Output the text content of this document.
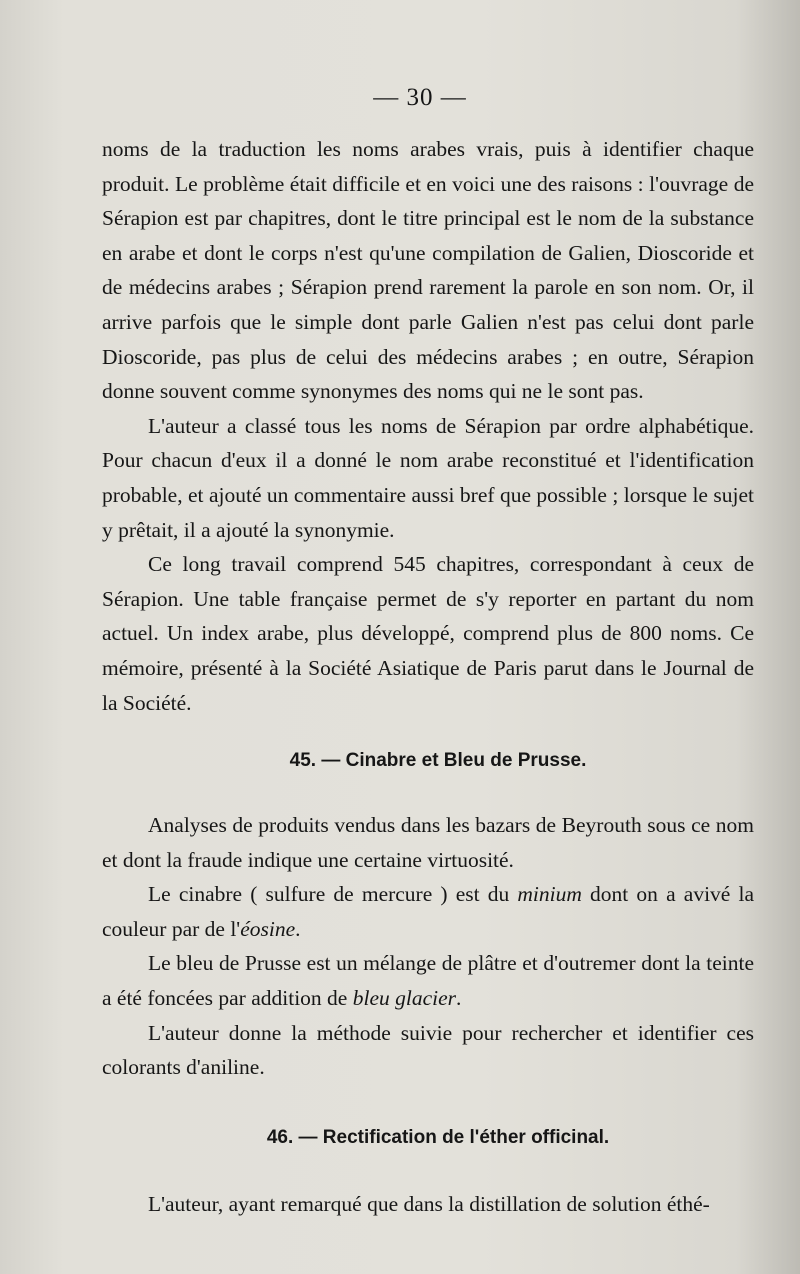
— 30 —

noms de la traduction les noms arabes vrais, puis à identifier chaque produit. Le problème était difficile et en voici une des raisons : l'ouvrage de Sérapion est par chapitres, dont le titre principal est le nom de la substance en arabe et dont le corps n'est qu'une compilation de Galien, Dioscoride et de médecins arabes ; Sérapion prend rarement la parole en son nom. Or, il arrive parfois que le simple dont parle Galien n'est pas celui dont parle Dioscoride, pas plus de celui des médecins arabes ; en outre, Sérapion donne souvent comme synonymes des noms qui ne le sont pas.

L'auteur a classé tous les noms de Sérapion par ordre alphabétique. Pour chacun d'eux il a donné le nom arabe reconstitué et l'identification probable, et ajouté un commentaire aussi bref que possible ; lorsque le sujet y prêtait, il a ajouté la synonymie.

Ce long travail comprend 545 chapitres, correspondant à ceux de Sérapion. Une table française permet de s'y reporter en partant du nom actuel. Un index arabe, plus développé, comprend plus de 800 noms. Ce mémoire, présenté à la Société Asiatique de Paris parut dans le Journal de la Société.

45. — Cinabre et Bleu de Prusse.

Analyses de produits vendus dans les bazars de Beyrouth sous ce nom et dont la fraude indique une certaine virtuosité.

Le cinabre ( sulfure de mercure ) est du minium dont on a avivé la couleur par de l'éosine.

Le bleu de Prusse est un mélange de plâtre et d'outremer dont la teinte a été foncées par addition de bleu glacier.

L'auteur donne la méthode suivie pour rechercher et identifier ces colorants d'aniline.

46. — Rectification de l'éther officinal.

L'auteur, ayant remarqué que dans la distillation de solution éthé-
